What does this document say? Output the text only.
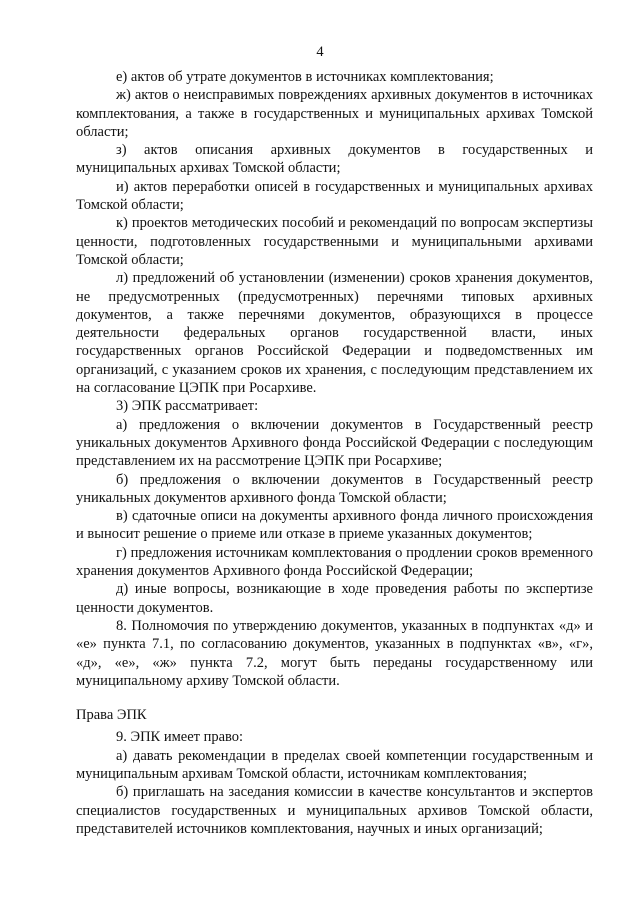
4

е) актов об утрате документов в источниках комплектования;

ж) актов о неисправимых повреждениях архивных документов в источниках комплектования, а также в государственных и муниципальных архивах Томской области;

з) актов описания архивных документов в государственных и муниципальных архивах Томской области;

и) актов переработки описей в государственных и муниципальных архивах Томской области;

к) проектов методических пособий и рекомендаций по вопросам экспертизы ценности, подготовленных государственными и муниципальными архивами Томской области;

л) предложений об установлении (изменении) сроков хранения документов, не предусмотренных (предусмотренных) перечнями типовых архивных документов, а также перечнями документов, образующихся в процессе деятельности федеральных органов государственной власти, иных государственных органов Российской Федерации и подведомственных им организаций, с указанием сроков их хранения, с последующим представлением их на согласование ЦЭПК при Росархиве.

3) ЭПК рассматривает:

а) предложения о включении документов в Государственный реестр уникальных документов Архивного фонда Российской Федерации с последующим представлением их на рассмотрение ЦЭПК при Росархиве;

б) предложения о включении документов в Государственный реестр уникальных документов архивного фонда Томской области;

в) сдаточные описи на документы архивного фонда личного происхождения и выносит решение о приеме или отказе в приеме указанных документов;

г) предложения источникам комплектования о продлении сроков временного хранения документов Архивного фонда Российской Федерации;

д) иные вопросы, возникающие в ходе проведения работы по экспертизе ценности документов.

8. Полномочия по утверждению документов, указанных в подпунктах «д» и «е» пункта 7.1, по согласованию документов, указанных в подпунктах «в», «г», «д», «е», «ж» пункта 7.2, могут быть переданы государственному или муниципальному архиву Томской области.

Права ЭПК

9. ЭПК имеет право:

а) давать рекомендации в пределах своей компетенции государственным и муниципальным архивам Томской области, источникам комплектования;

б) приглашать на заседания комиссии в качестве консультантов и экспертов специалистов государственных и муниципальных архивов Томской области, представителей источников комплектования, научных и иных организаций;
